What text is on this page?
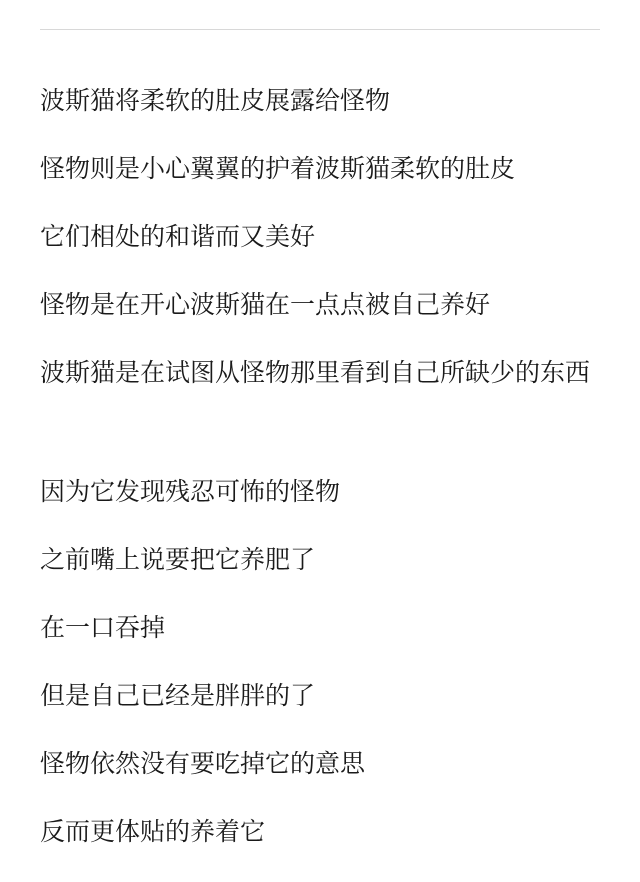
波斯猫将柔软的肚皮展露给怪物

怪物则是小心翼翼的护着波斯猫柔软的肚皮

它们相处的和谐而又美好

怪物是在开心波斯猫在一点点被自己养好

波斯猫是在试图从怪物那里看到自己所缺少的东西

因为它发现残忍可怖的怪物

之前嘴上说要把它养肥了

在一口吞掉

但是自己已经是胖胖的了

怪物依然没有要吃掉它的意思

反而更体贴的养着它
